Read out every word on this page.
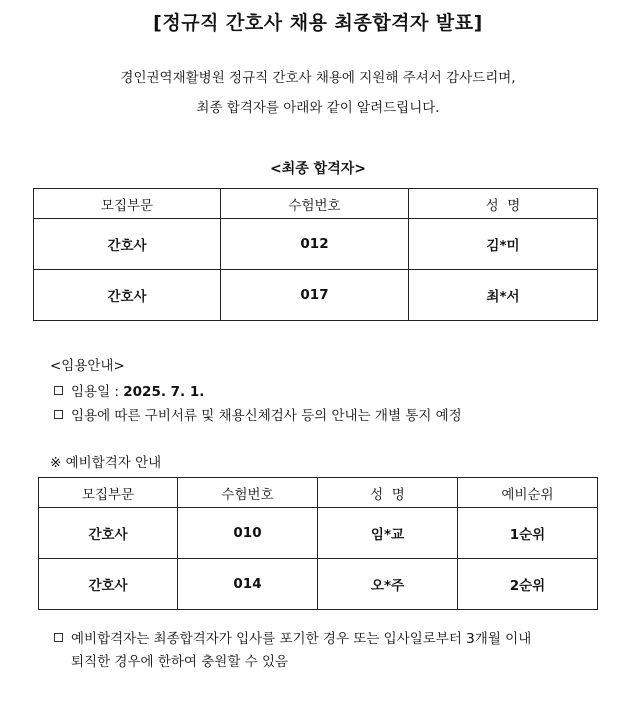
[정규직 간호사 채용 최종합격자 발표]
경인권역재활병원 정규직 간호사 채용에 지원해 주셔서 감사드리며,
최종 합격자를 아래와 같이 알려드립니다.
<최종 합격자>
모집부문	수험번호	성  명
간호사	012	김*미
간호사	017	최*서
<임용안내>
임용일 : 2025. 7. 1.
임용에 따른 구비서류 및 채용신체검사 등의 안내는 개별 통지 예정
※ 예비합격자 안내
모집부문	수험번호	성  명	예비순위
간호사	010	임*교	1순위
간호사	014	오*주	2순위
예비합격자는 최종합격자가 입사를 포기한 경우 또는 입사일로부터 3개월 이내
퇴직한 경우에 한하여 충원할 수 있음
